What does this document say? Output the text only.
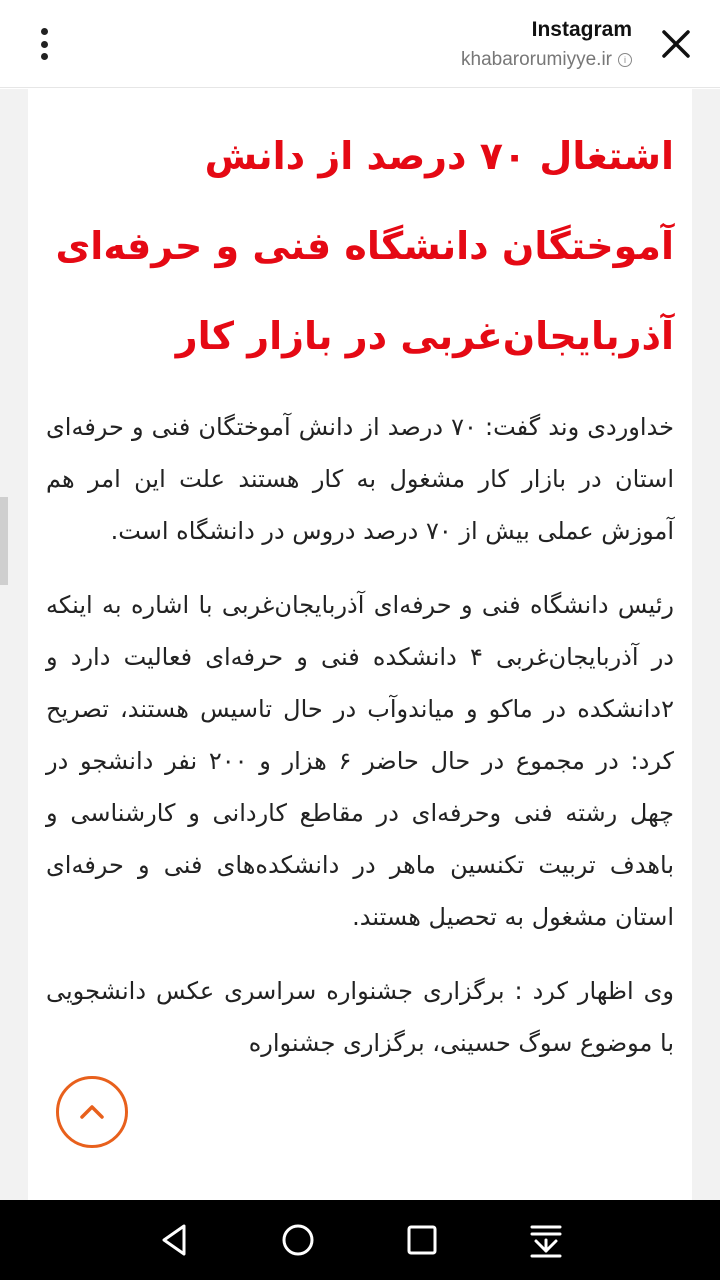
Instagram
khabarorumiyye.ir	i
اشتغال ۷۰ درصد از دانش آموختگان دانشگاه فنی و حرفه‌ای آذربایجان‌غربی در بازار کار

خداوردی وند گفت: ۷۰ درصد از دانش آموختگان فنی و حرفه‌ای استان در بازار کار مشغول به کار هستند علت این امر هم آموزش عملی بیش از ۷۰ درصد دروس در دانشگاه است.

رئیس دانشگاه فنی و حرفه‌ای آذربایجان‌غربی با اشاره به اینکه در آذربایجان‌غربی ۴ دانشکده فنی و حرفه‌ای فعالیت دارد و ۲دانشکده در ماکو و میاندوآب در حال تاسیس هستند، تصریح کرد: در مجموع در حال حاضر ۶ هزار و ۲۰۰ نفر دانشجو در چهل رشته فنی وحرفه‌ای در مقاطع کاردانی و کارشناسی و باهدف تربیت تکنسین ماهر در دانشکده‌های فنی و حرفه‌ای استان مشغول به تحصیل هستند.

وی اظهار کرد : برگزاری جشنواره سراسری عکس دانشجویی با موضوع سوگ حسینی، برگزاری جشنواره
